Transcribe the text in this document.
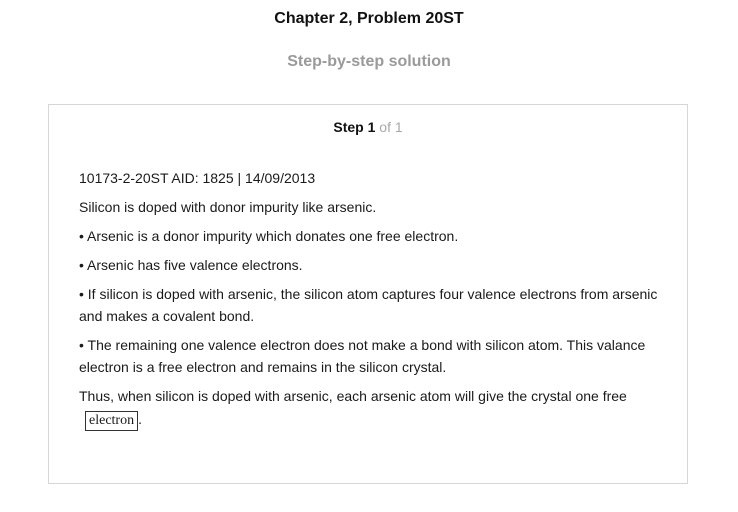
Chapter 2, Problem 20ST
Step-by-step solution
Step 1 of 1

10173-2-20ST AID: 1825 | 14/09/2013

Silicon is doped with donor impurity like arsenic.

• Arsenic is a donor impurity which donates one free electron.

• Arsenic has five valence electrons.

• If silicon is doped with arsenic, the silicon atom captures four valence electrons from arsenic and makes a covalent bond.

• The remaining one valence electron does not make a bond with silicon atom. This valance electron is a free electron and remains in the silicon crystal.

Thus, when silicon is doped with arsenic, each arsenic atom will give the crystal one free
electron .
